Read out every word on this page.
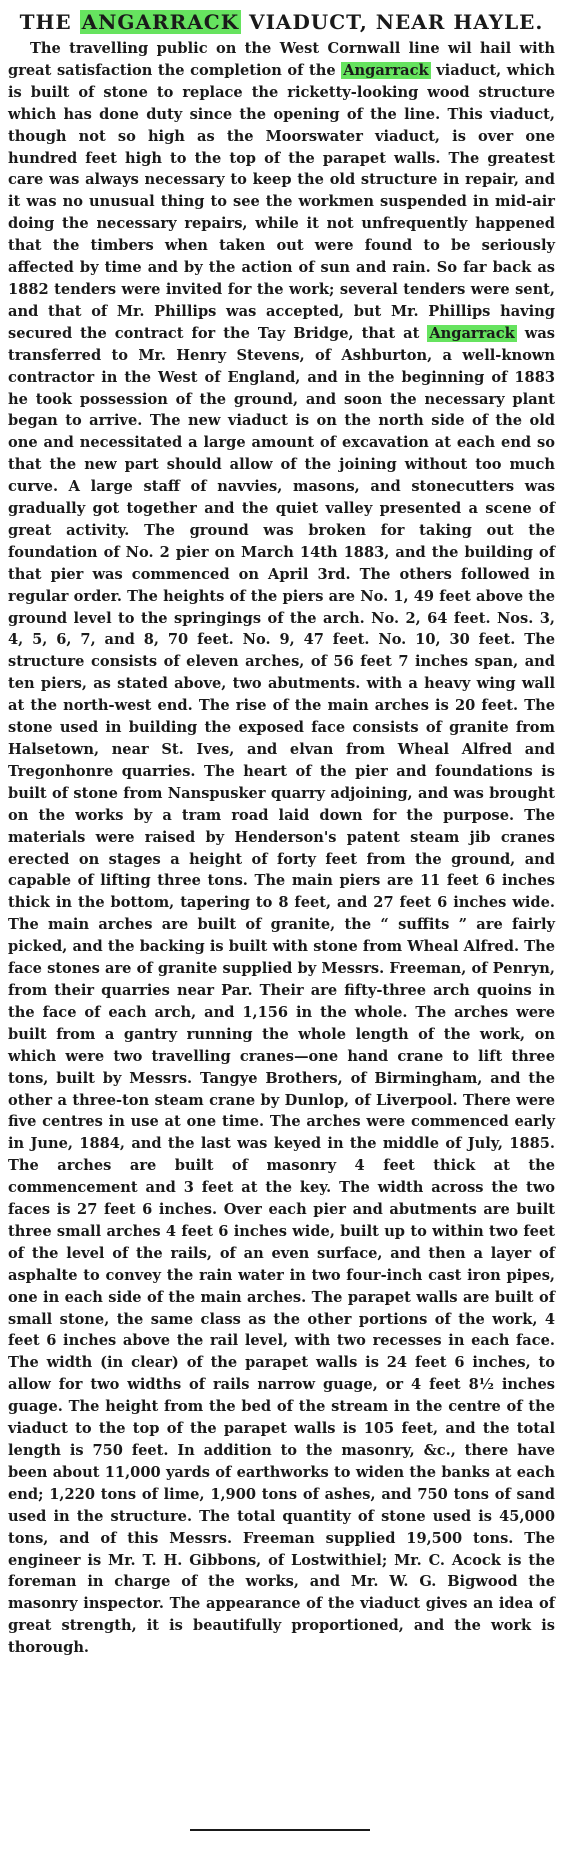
THE ANGARRACK VIADUCT, NEAR HAYLE.

The travelling public on the West Cornwall line wil hail with great satisfaction the completion of the Angarrack viaduct, which is built of stone to replace the ricketty-looking wood structure which has done duty since the opening of the line. This viaduct, though not so high as the Moorswater viaduct, is over one hundred feet high to the top of the parapet walls. The greatest care was always necessary to keep the old structure in repair, and it was no unusual thing to see the workmen suspended in mid-air doing the necessary repairs, while it not unfrequently happened that the timbers when taken out were found to be seriously affected by time and by the action of sun and rain. So far back as 1882 tenders were invited for the work; several tenders were sent, and that of Mr. Phillips was accepted, but Mr. Phillips having secured the contract for the Tay Bridge, that at Angarrack was transferred to Mr. Henry Stevens, of Ashburton, a well-known contractor in the West of England, and in the beginning of 1883 he took possession of the ground, and soon the necessary plant began to arrive. The new viaduct is on the north side of the old one and necessitated a large amount of excavation at each end so that the new part should allow of the joining without too much curve. A large staff of navvies, masons, and stonecutters was gradually got together and the quiet valley presented a scene of great activity. The ground was broken for taking out the foundation of No. 2 pier on March 14th 1883, and the building of that pier was commenced on April 3rd. The others followed in regular order. The heights of the piers are No. 1, 49 feet above the ground level to the springings of the arch. No. 2, 64 feet. Nos. 3, 4, 5, 6, 7, and 8, 70 feet. No. 9, 47 feet. No. 10, 30 feet. The structure consists of eleven arches, of 56 feet 7 inches span, and ten piers, as stated above, two abutments. with a heavy wing wall at the north-west end. The rise of the main arches is 20 feet. The stone used in building the exposed face consists of granite from Halsetown, near St. Ives, and elvan from Wheal Alfred and Tregonhonre quarries. The heart of the pier and foundations is built of stone from Nanspusker quarry adjoining, and was brought on the works by a tram road laid down for the purpose. The materials were raised by Henderson's patent steam jib cranes erected on stages a height of forty feet from the ground, and capable of lifting three tons. The main piers are 11 feet 6 inches thick in the bottom, tapering to 8 feet, and 27 feet 6 inches wide. The main arches are built of granite, the “ suffits ” are fairly picked, and the backing is built with stone from Wheal Alfred. The face stones are of granite supplied by Messrs. Freeman, of Penryn, from their quarries near Par. Their are fifty-three arch quoins in the face of each arch, and 1,156 in the whole. The arches were built from a gantry running the whole length of the work, on which were two travelling cranes—one hand crane to lift three tons, built by Messrs. Tangye Brothers, of Birmingham, and the other a three-ton steam crane by Dunlop, of Liverpool. There were five centres in use at one time. The arches were commenced early in June, 1884, and the last was keyed in the middle of July, 1885. The arches are built of masonry 4 feet thick at the commencement and 3 feet at the key. The width across the two faces is 27 feet 6 inches. Over each pier and abutments are built three small arches 4 feet 6 inches wide, built up to within two feet of the level of the rails, of an even surface, and then a layer of asphalte to convey the rain water in two four-inch cast iron pipes, one in each side of the main arches. The parapet walls are built of small stone, the same class as the other portions of the work, 4 feet 6 inches above the rail level, with two recesses in each face. The width (in clear) of the parapet walls is 24 feet 6 inches, to allow for two widths of rails narrow guage, or 4 feet 8½ inches guage. The height from the bed of the stream in the centre of the viaduct to the top of the parapet walls is 105 feet, and the total length is 750 feet. In addition to the masonry, &c., there have been about 11,000 yards of earthworks to widen the banks at each end; 1,220 tons of lime, 1,900 tons of ashes, and 750 tons of sand used in the structure. The total quantity of stone used is 45,000 tons, and of this Messrs. Freeman supplied 19,500 tons. The engineer is Mr. T. H. Gibbons, of Lostwithiel; Mr. C. Acock is the foreman in charge of the works, and Mr. W. G. Bigwood the masonry inspector. The appearance of the viaduct gives an idea of great strength, it is beautifully proportioned, and the work is thorough.
